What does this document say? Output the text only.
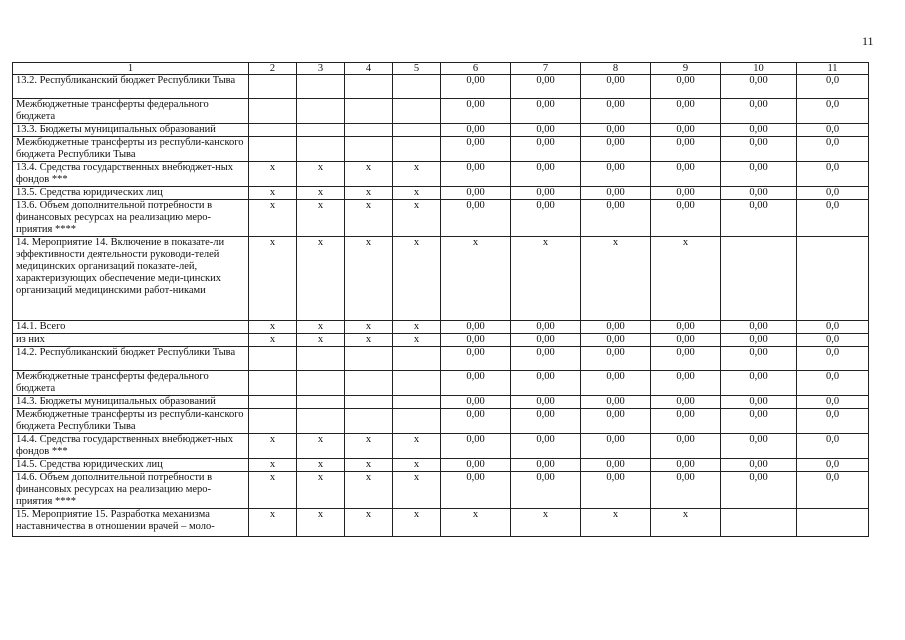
11
1	2	3	4	5	6	7	8	9	10	11
13.2. Республиканский бюджет Республики Тыва					0,00	0,00	0,00	0,00	0,00	0,0
Межбюджетные трансферты федерального бюджета					0,00	0,00	0,00	0,00	0,00	0,0
13.3. Бюджеты муниципальных образований					0,00	0,00	0,00	0,00	0,00	0,0
Межбюджетные трансферты из республи-канского бюджета Республики Тыва					0,00	0,00	0,00	0,00	0,00	0,0
13.4. Средства государственных внебюджет-ных фондов ***	x	x	x	x	0,00	0,00	0,00	0,00	0,00	0,0
13.5. Средства юридических лиц	x	x	x	x	0,00	0,00	0,00	0,00	0,00	0,0
13.6. Объем дополнительной потребности в финансовых ресурсах на реализацию меро-приятия ****	x	x	x	x	0,00	0,00	0,00	0,00	0,00	0,0
14. Мероприятие 14. Включение в показате-ли эффективности деятельности руководи-телей медицинских организаций показате-лей, характеризующих обеспечение меди-цинских организаций медицинскими работ-никами	x	x	x	x	x	x	x	x		
14.1. Всего	x	x	x	x	0,00	0,00	0,00	0,00	0,00	0,0
из них	x	x	x	x	0,00	0,00	0,00	0,00	0,00	0,0
14.2. Республиканский бюджет Республики Тыва					0,00	0,00	0,00	0,00	0,00	0,0
Межбюджетные трансферты федерального бюджета					0,00	0,00	0,00	0,00	0,00	0,0
14.3. Бюджеты муниципальных образований					0,00	0,00	0,00	0,00	0,00	0,0
Межбюджетные трансферты из республи-канского бюджета Республики Тыва					0,00	0,00	0,00	0,00	0,00	0,0
14.4. Средства государственных внебюджет-ных фондов ***	x	x	x	x	0,00	0,00	0,00	0,00	0,00	0,0
14.5. Средства юридических лиц	x	x	x	x	0,00	0,00	0,00	0,00	0,00	0,0
14.6. Объем дополнительной потребности в финансовых ресурсах на реализацию меро-приятия ****	x	x	x	x	0,00	0,00	0,00	0,00	0,00	0,0
15. Мероприятие 15. Разработка механизма наставничества в отношении врачей – моло-	x	x	x	x	x	x	x	x		
